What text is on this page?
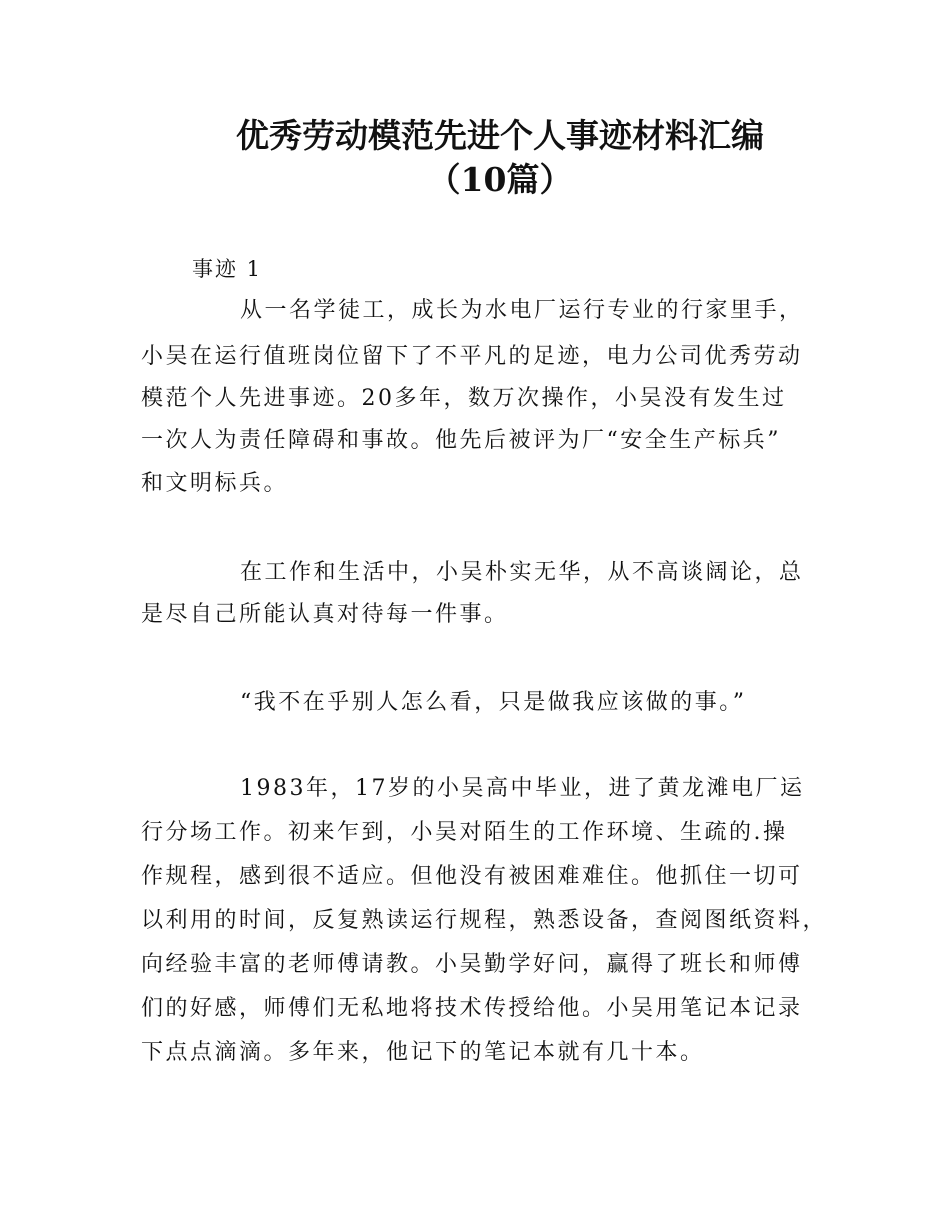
优秀劳动模范先进个人事迹材料汇编
（10篇）

事迹 1

从一名学徒工，成长为水电厂运行专业的行家里手，

小吴在运行值班岗位留下了不平凡的足迹，电力公司优秀劳动

模范个人先进事迹。20多年，数万次操作，小吴没有发生过

一次人为责任障碍和事故。他先后被评为厂“安全生产标兵”

和文明标兵。

在工作和生活中，小吴朴实无华，从不高谈阔论，总

是尽自己所能认真对待每一件事。

“我不在乎别人怎么看，只是做我应该做的事。”

1983年，17岁的小吴高中毕业，进了黄龙滩电厂运

行分场工作。初来乍到，小吴对陌生的工作环境、生疏的.操

作规程，感到很不适应。但他没有被困难难住。他抓住一切可

以利用的时间，反复熟读运行规程，熟悉设备，查阅图纸资料，

向经验丰富的老师傅请教。小吴勤学好问，赢得了班长和师傅

们的好感，师傅们无私地将技术传授给他。小吴用笔记本记录

下点点滴滴。多年来，他记下的笔记本就有几十本。
